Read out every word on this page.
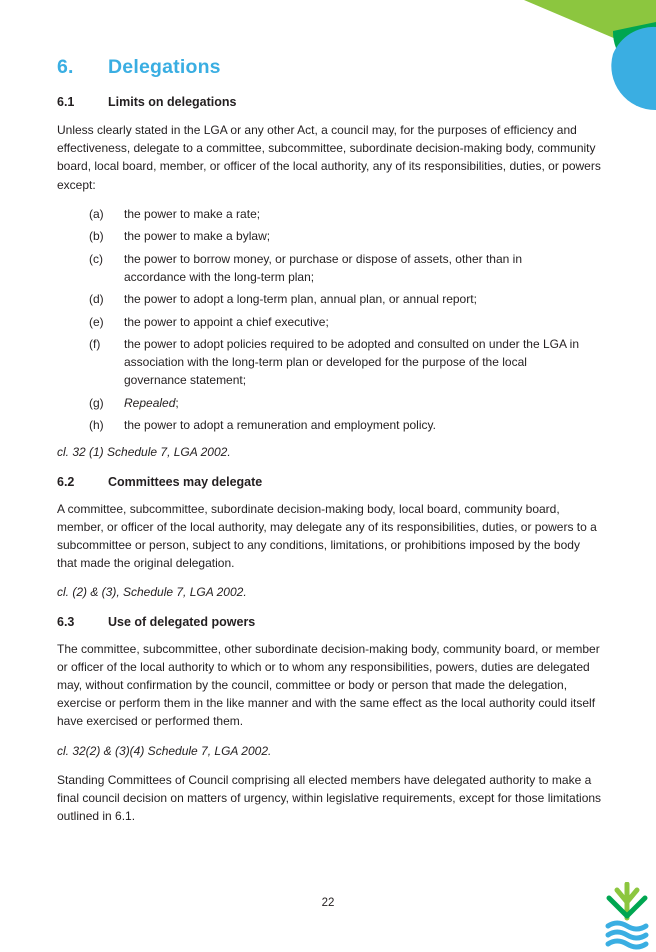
6.	Delegations
6.1	Limits on delegations

Unless clearly stated in the LGA or any other Act, a council may, for the purposes of efficiency and effectiveness, delegate to a committee, subcommittee, subordinate decision-making body, community board, local board, member, or officer of the local authority, any of its responsibilities, duties, or powers except:

(a)	the power to make a rate;
(b)	the power to make a bylaw;
(c)	the power to borrow money, or purchase or dispose of assets, other than in accordance with the long-term plan;
(d)	the power to adopt a long-term plan, annual plan, or annual report;
(e)	the power to appoint a chief executive;
(f)	the power to adopt policies required to be adopted and consulted on under the LGA in association with the long-term plan or developed for the purpose of the local governance statement;
(g)	Repealed;
(h)	the power to adopt a remuneration and employment policy.

cl. 32 (1) Schedule 7, LGA 2002.

6.2	Committees may delegate

A committee, subcommittee, subordinate decision-making body, local board, community board, member, or officer of the local authority, may delegate any of its responsibilities, duties, or powers to a subcommittee or person, subject to any conditions, limitations, or prohibitions imposed by the body that made the original delegation.

cl. (2) & (3), Schedule 7, LGA 2002.

6.3	Use of delegated powers

The committee, subcommittee, other subordinate decision-making body, community board, or member or officer of the local authority to which or to whom any responsibilities, powers, duties are delegated may, without confirmation by the council, committee or body or person that made the delegation, exercise or perform them in the like manner and with the same effect as the local authority could itself have exercised or performed them.

cl. 32(2) & (3)(4) Schedule 7, LGA 2002.

Standing Committees of Council comprising all elected members have delegated authority to make a final council decision on matters of urgency, within legislative requirements, except for those limitations outlined in 6.1.

22
